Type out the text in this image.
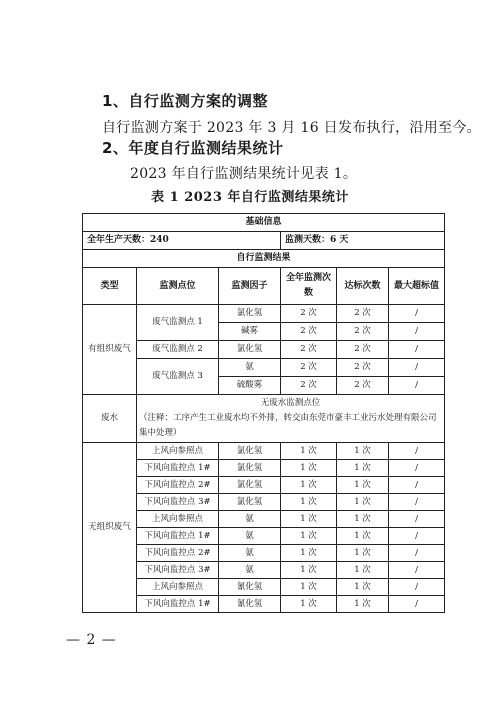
1、自行监测方案的调整
自行监测方案于 2023 年 3 月 16 日发布执行，沿用至今。
2、年度自行监测结果统计
2023 年自行监测结果统计见表 1。
表 1 2023 年自行监测结果统计
基础信息					
全年生产天数：240			监测天数：6 天		
自行监测结果					
类型	监测点位	监测因子	全年监测次数	达标次数	最大超标值
有组织废气	废气监测点 1	氯化氢	2 次	2 次	/
		碱雾	2 次	2 次	/
	废气监测点 2	氯化氢	2 次	2 次	/
	废气监测点 3	氨	2 次	2 次	/
		硫酸雾	2 次	2 次	/
废水	无废水监测点位
（注释：工序产生工业废水均不外排，转交由东莞市豪丰工业污水处理有限公司集中处理）				

无组织废气	上风向参照点	氯化氢	1 次	1 次	/
	下风向监控点 1#	氯化氢	1 次	1 次	/
	下风向监控点 2#	氯化氢	1 次	1 次	/
	下风向监控点 3#	氯化氢	1 次	1 次	/
	上风向参照点	氨	1 次	1 次	/
	下风向监控点 1#	氨	1 次	1 次	/
	下风向监控点 2#	氨	1 次	1 次	/
	下风向监控点 3#	氨	1 次	1 次	/
	上风向参照点	氰化氢	1 次	1 次	/
	下风向监控点 1#	氰化氢	1 次	1 次	/
— 2 —
